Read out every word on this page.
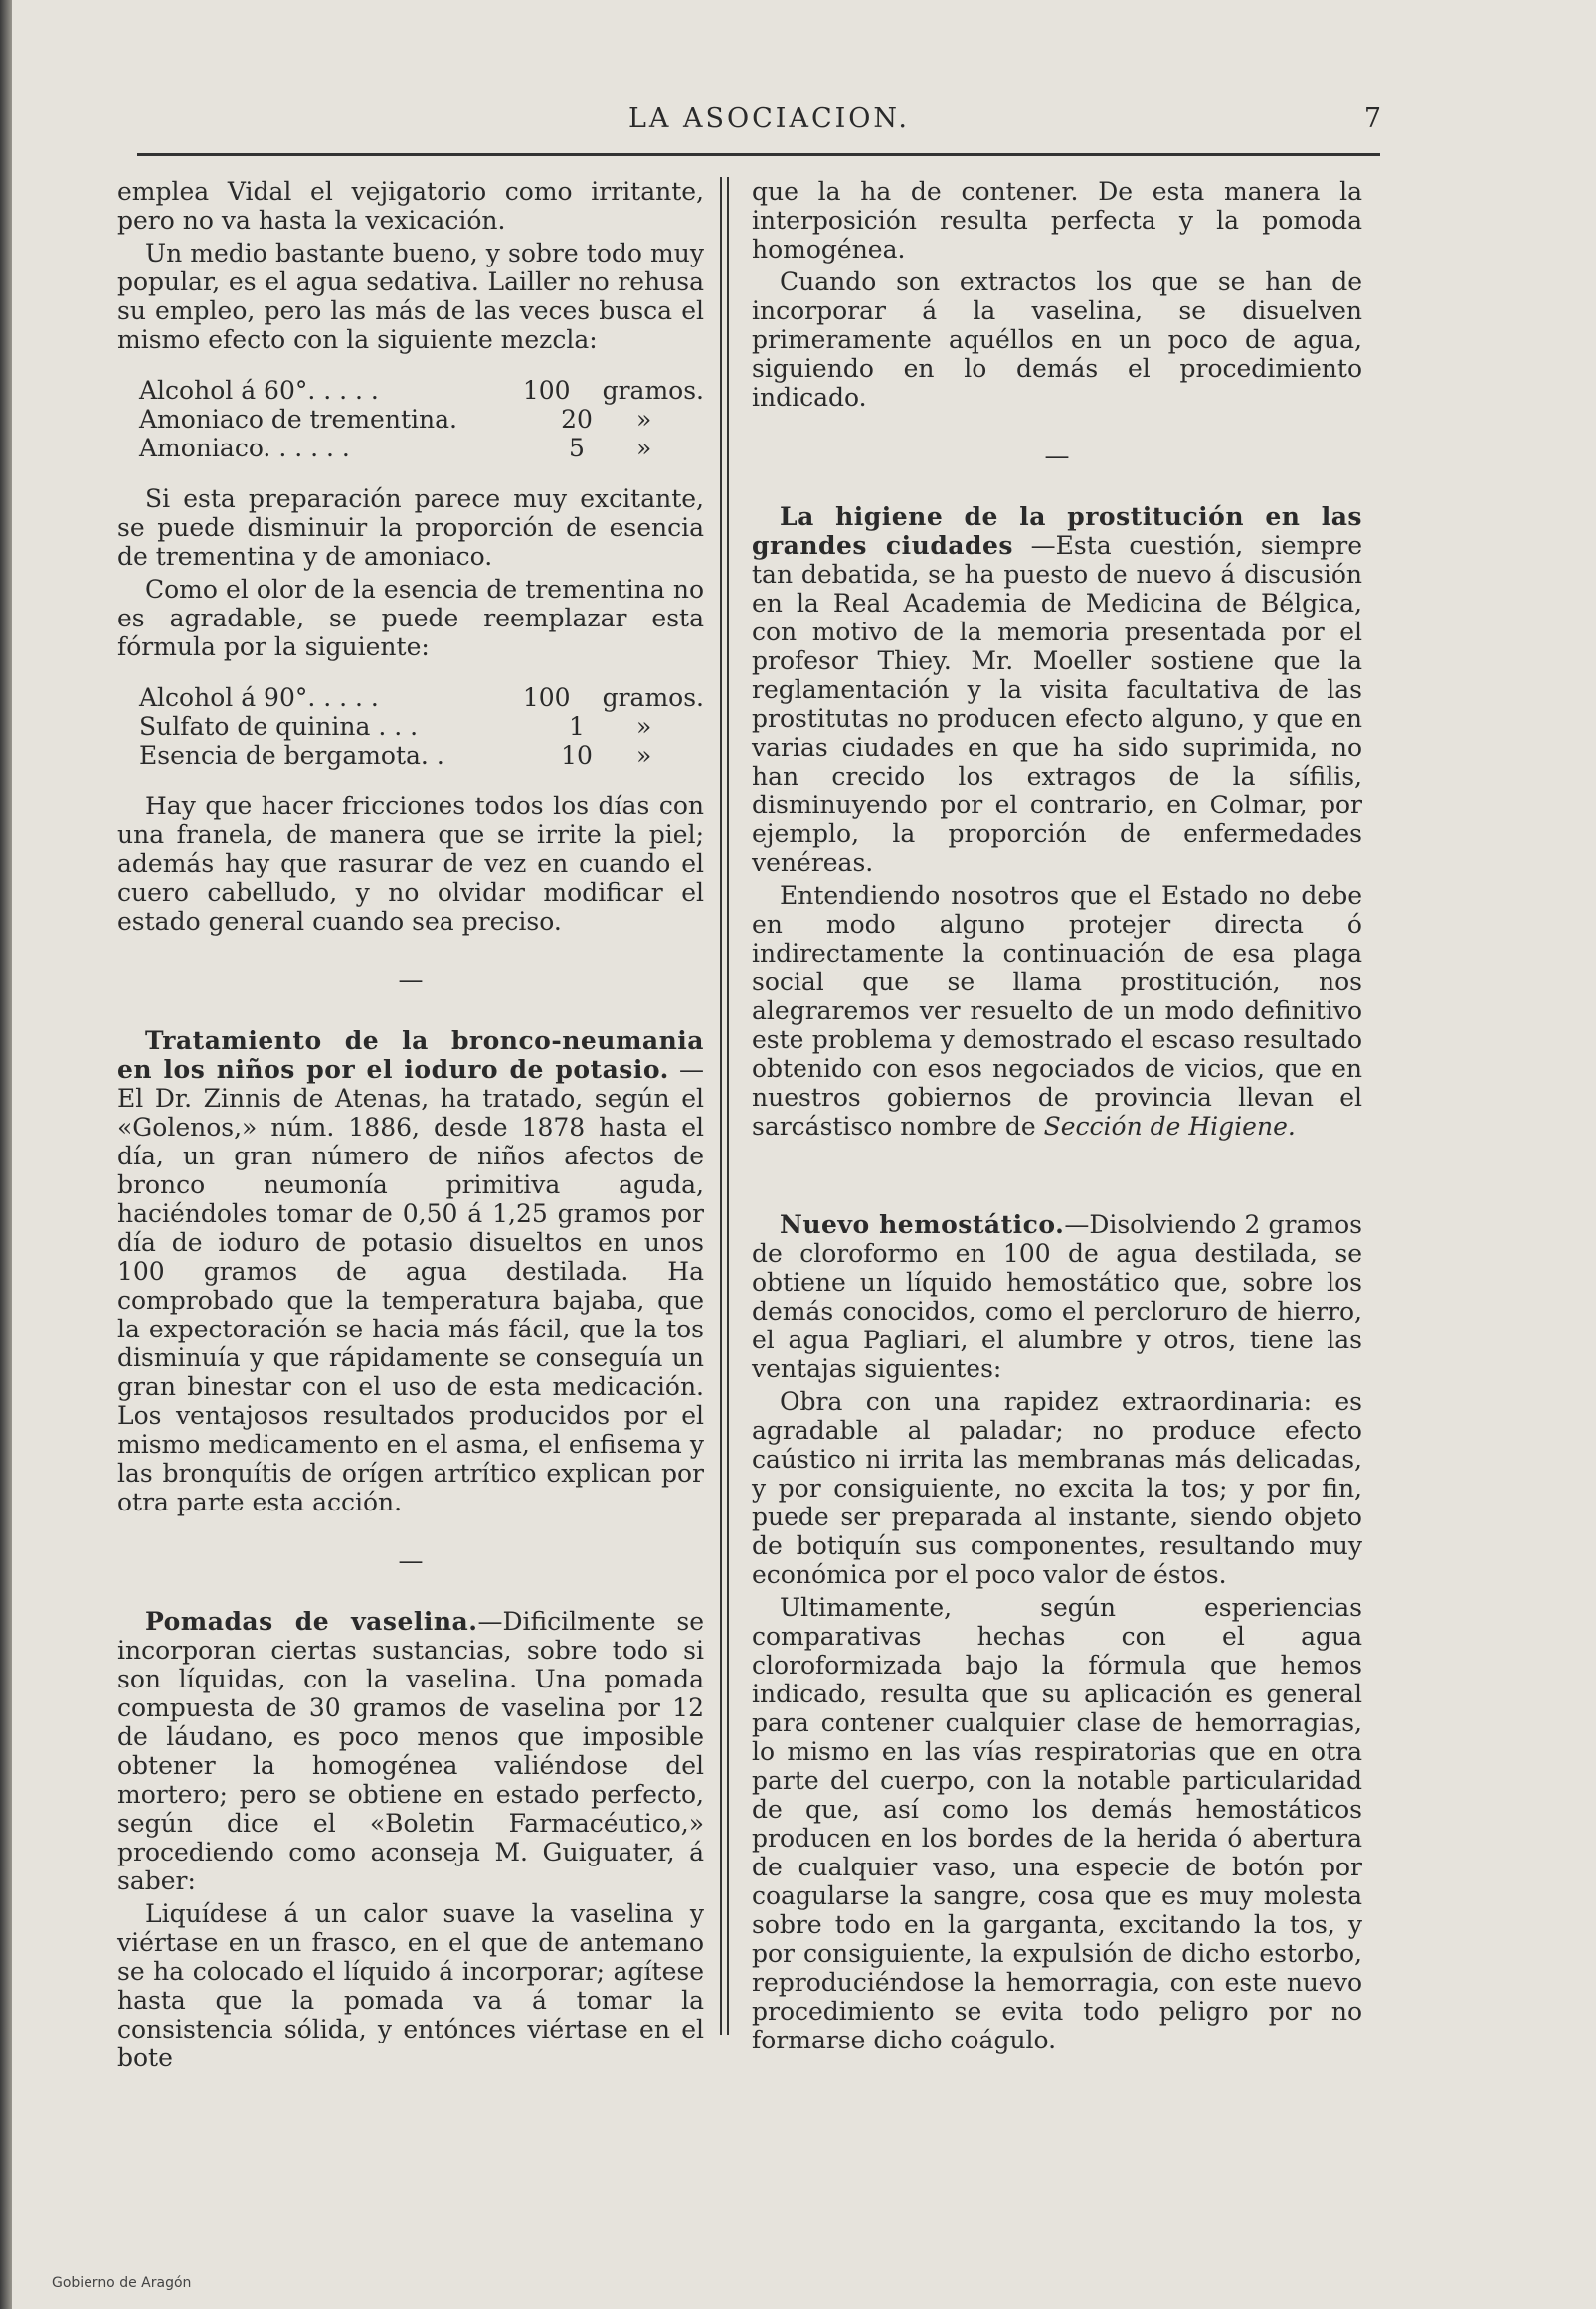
LA ASOCIACION.	7

emplea Vidal el vejigatorio como irritante, pero no va hasta la vexicación.

Un medio bastante bueno, y sobre todo muy popular, es el agua sedativa. Lailler no rehusa su empleo, pero las más de las veces busca el mismo efecto con la siguiente mezcla:

Alcohol á 60°. . . . .	100	gramos.
Amoniaco de trementina.	20	»
Amoniaco. . . . . .	5	»

Si esta preparación parece muy excitante, se puede disminuir la proporción de esencia de trementina y de amoniaco.

Como el olor de la esencia de trementina no es agradable, se puede reemplazar esta fórmula por la siguiente:

Alcohol á 90°. . . . .	100	gramos.
Sulfato de quinina . . .	1	»
Esencia de bergamota. .	10	»

Hay que hacer fricciones todos los días con una franela, de manera que se irrite la piel; además hay que rasurar de vez en cuando el cuero cabelludo, y no olvidar modificar el estado general cuando sea preciso.

—

Tratamiento de la bronco-neumania en los niños por el ioduro de potasio. —El Dr. Zinnis de Atenas, ha tratado, según el «Golenos,» núm. 1886, desde 1878 hasta el día, un gran número de niños afectos de bronco neumonía primitiva aguda, haciéndoles tomar de 0,50 á 1,25 gramos por día de ioduro de potasio disueltos en unos 100 gramos de agua destilada. Ha comprobado que la temperatura bajaba, que la expectoración se hacia más fácil, que la tos disminuía y que rápidamente se conseguía un gran binestar con el uso de esta medicación. Los ventajosos resultados producidos por el mismo medicamento en el asma, el enfisema y las bronquítis de orígen artrítico explican por otra parte esta acción.

—

Pomadas de vaselina.—Dificilmente se incorporan ciertas sustancias, sobre todo si son líquidas, con la vaselina. Una pomada compuesta de 30 gramos de vaselina por 12 de láudano, es poco menos que imposible obtener la homogénea valiéndose del mortero; pero se obtiene en estado perfecto, según dice el «Boletin Farmacéutico,» procediendo como aconseja M. Guiguater, á saber:

Liquídese á un calor suave la vaselina y viértase en un frasco, en el que de antemano se ha colocado el líquido á incorporar; agítese hasta que la pomada va á tomar la consistencia sólida, y entónces viértase en el bote

que la ha de contener. De esta manera la interposición resulta perfecta y la pomoda homogénea.

Cuando son extractos los que se han de incorporar á la vaselina, se disuelven primeramente aquéllos en un poco de agua, siguiendo en lo demás el procedimiento indicado.

—

La higiene de la prostitución en las grandes ciudades —Esta cuestión, siempre tan debatida, se ha puesto de nuevo á discusión en la Real Academia de Medicina de Bélgica, con motivo de la memoria presentada por el profesor Thiey. Mr. Moeller sostiene que la reglamentación y la visita facultativa de las prostitutas no producen efecto alguno, y que en varias ciudades en que ha sido suprimida, no han crecido los extragos de la sífilis, disminuyendo por el contrario, en Colmar, por ejemplo, la proporción de enfermedades venéreas.

Entendiendo nosotros que el Estado no debe en modo alguno protejer directa ó indirectamente la continuación de esa plaga social que se llama prostitución, nos alegraremos ver resuelto de un modo definitivo este problema y demostrado el escaso resultado obtenido con esos negociados de vicios, que en nuestros gobiernos de provincia llevan el sarcástisco nombre de Sección de Higiene.

Nuevo hemostático.—Disolviendo 2 gramos de cloroformo en 100 de agua destilada, se obtiene un líquido hemostático que, sobre los demás conocidos, como el percloruro de hierro, el agua Pagliari, el alumbre y otros, tiene las ventajas siguientes:

Obra con una rapidez extraordinaria: es agradable al paladar; no produce efecto caústico ni irrita las membranas más delicadas, y por consiguiente, no excita la tos; y por fin, puede ser preparada al instante, siendo objeto de botiquín sus componentes, resultando muy económica por el poco valor de éstos.

Ultimamente, según esperiencias comparativas hechas con el agua cloroformizada bajo la fórmula que hemos indicado, resulta que su aplicación es general para contener cualquier clase de hemorragias, lo mismo en las vías respiratorias que en otra parte del cuerpo, con la notable particularidad de que, así como los demás hemostáticos producen en los bordes de la herida ó abertura de cualquier vaso, una especie de botón por coagularse la sangre, cosa que es muy molesta sobre todo en la garganta, excitando la tos, y por consiguiente, la expulsión de dicho estorbo, reproduciéndose la hemorragia, con este nuevo procedimiento se evita todo peligro por no formarse dicho coágulo.

Gobierno de Aragón
